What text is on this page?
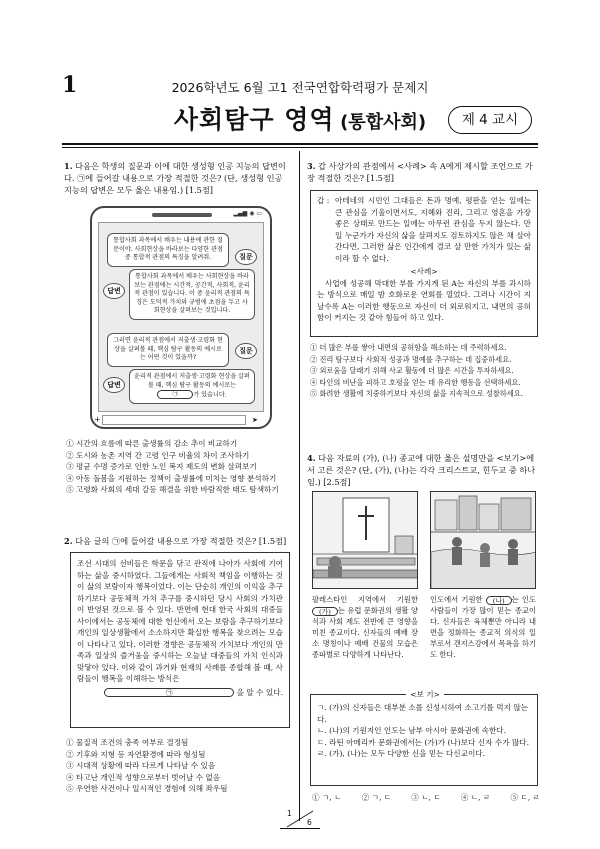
1	2026학년도 6월 고1 전국연합학력평가 문제지
사회탐구 영역 (통합사회)	제 4 교시
1. 다음은 학생의 질문과 이에 대한 생성형 인공 지능의 답변이다. ㉠에 들어갈 내용으로 가장 적절한 것은? (단, 생성형 인공 지능의 답변은 모두 옳은 내용임.) [1.5점]
▂▄▆ ◉ ▭
통합사회 과목에서 배우는 내용에 관한 질문이야. 사회현상을 바라보는 다양한 관점 중 통합적 관점의 특징을 알려줘.	질문
답변
통합사회 과목에서 배우는 사회현상을 바라보는 관점에는 시간적, 공간적, 사회적, 윤리적 관점이 있습니다. 이 중 윤리적 관점의 특징은 도덕적 가치와 규범에 초점을 두고 사회현상을 살펴보는 것입니다.
그러면 윤리적 관점에서 저출생·고령화 현상을 살펴볼 때, 핵심 탐구 활동의 예시로는 어떤 것이 있을까?
질문
답변
윤리적 관점에서 저출생·고령화 현상을 살펴볼 때, 핵심 탐구 활동의 예시로는 ㉠ 가 있습니다.
+	➤
① 시간의 흐름에 따른 출생률의 감소 추이 비교하기
② 도시와 농촌 지역 간 고령 인구 비율의 차이 조사하기
③ 평균 수명 증가로 인한 노인 복지 제도의 변화 살펴보기
④ 아동 돌봄을 지원하는 정책이 출생률에 미치는 영향 분석하기
⑤ 고령화 사회의 세대 갈등 해결을 위한 바람직한 태도 탐색하기
2. 다음 글의 ㉠에 들어갈 내용으로 가장 적절한 것은? [1.5점]
조선 시대의 선비들은 학문을 닦고 관직에 나아가 사회에 기여하는 삶을 중시하였다. 그들에게는 사회적 책임을 이행하는 것이 삶의 보람이자 행복이었다. 이는 단순히 개인의 이익을 추구하기보다 공동체적 가치 추구를 중시하던 당시 사회의 가치관이 반영된 것으로 볼 수 있다. 반면에 현대 한국 사회의 대중들 사이에서는 공동체에 대한 헌신에서 오는 보람을 추구하기보다 개인의 일상생활에서 소소하지만 확실한 행복을 찾으려는 모습이 나타나고 있다. 이러한 경향은 공동체적 가치보다 개인의 만족과 일상의 즐거움을 중시하는 오늘날 대중들의 가치 인식과 맞닿아 있다. 이와 같이 과거와 현재의 사례를 종합해 볼 때, 사람들이 행복을 이해하는 방식은
㉠	을 알 수 있다.
① 물질적 조건의 충족 여부로 결정됨
② 기후와 지형 등 자연환경에 따라 형성됨
③ 시대적 상황에 따라 다르게 나타날 수 있음
④ 타고난 개인적 성향으로부터 벗어날 수 없음
⑤ 우연한 사건이나 일시적인 경험에 의해 좌우됨
3. 갑 사상가의 관점에서 <사례> 속 A에게 제시할 조언으로 가장 적절한 것은? [1.5점]
갑 : 아테네의 시민인 그대들은 돈과 명예, 평판을 얻는 일에는 큰 관심을 기울이면서도, 지혜와 진리, 그리고 영혼을 가장 좋은 상태로 만드는 일에는 아무런 관심을 두지 않는다. 만일 누군가가 자신의 삶을 살펴지도 검토하지도 않은 채 살아간다면, 그러한 삶은 인간에게 결코 살 만한 가치가 있는 삶이라 할 수 없다.
<사례>
사업에 성공해 막대한 부를 가지게 된 A는 자신의 부를 과시하는 방식으로 매일 밤 호화로운 연회를 열었다. 그러나 시간이 지날수록 A는 이러한 행동으로 자신이 더 외로워지고, 내면의 공허함이 커지는 것 같아 힘들어 하고 있다.
① 더 많은 부를 쌓아 내면의 공허함을 해소하는 데 주력하세요.
② 진리 탐구보다 사회적 성공과 명예를 추구하는 데 집중하세요.
③ 외로움을 달래기 위해 사교 활동에 더 많은 시간을 투자하세요.
④ 타인의 비난을 피하고 호평을 얻는 데 유리한 행동을 선택하세요.
⑤ 화려한 생활에 치중하기보다 자신의 삶을 지속적으로 성찰하세요.
4. 다음 자료의 (가), (나) 종교에 대한 옳은 설명만을 <보기>에서 고른 것은? (단, (가), (나)는 각각 크리스트교, 힌두교 중 하나임.) [2.5점]
팔레스타인 지역에서 기원한 (가) 는 유럽 문화권의 생활 양식과 사회 제도 전반에 큰 영향을 미친 종교이다. 신자들의 예배 장소 명칭이나 예배 건물의 모습은 종파별로 다양하게 나타난다.
인도에서 기원한 (나) 는 인도 사람들이 가장 많이 믿는 종교이다. 신자들은 육체뿐만 아니라 내면을 정화하는 종교적 의식의 일부로서 갠지스강에서 목욕을 하기도 한다.
<보 기>
ㄱ. (가)의 신자들은 대부분 소를 신성시하여 소고기를 먹지 않는다.
ㄴ. (나)의 기원지인 인도는 남부 아시아 문화권에 속한다.
ㄷ. 라틴 아메리카 문화권에서는 (가)가 (나)보다 신자 수가 많다.
ㄹ. (가), (나)는 모두 다양한 신을 믿는 다신교이다.
① ㄱ, ㄴ	② ㄱ, ㄷ	③ ㄴ, ㄷ	④ ㄴ, ㄹ	⑤ ㄷ, ㄹ
1
6
